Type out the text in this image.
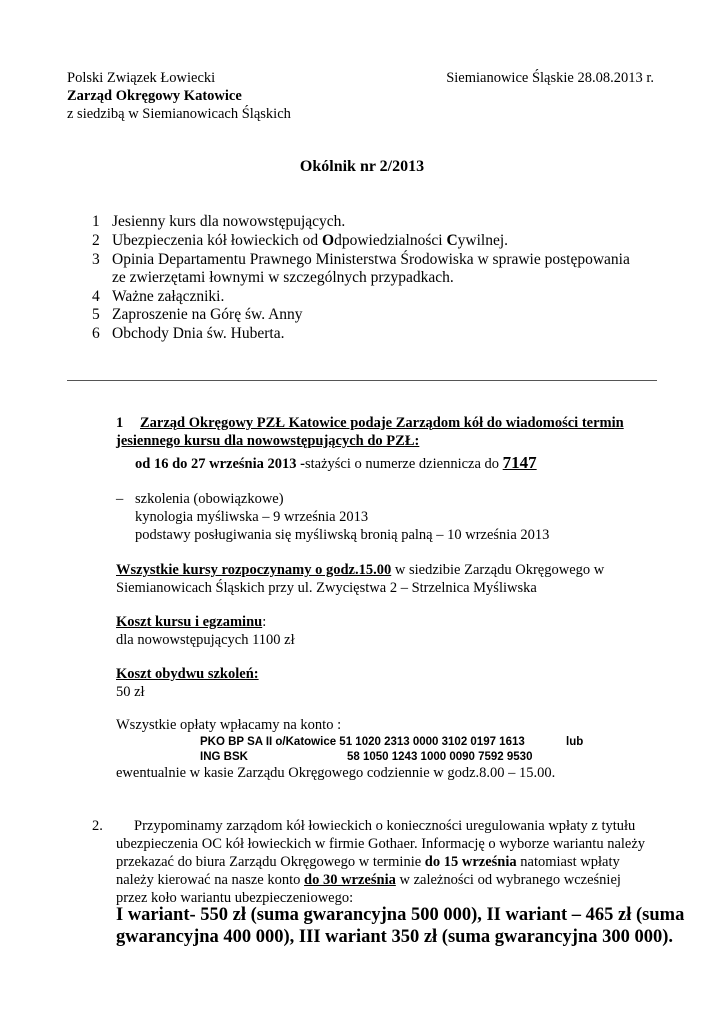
Polski Związek Łowiecki
Zarząd Okręgowy Katowice
z siedzibą w Siemianowicach Śląskich
Siemianowice Śląskie 28.08.2013 r.
Okólnik nr 2/2013
1 Jesienny kurs dla nowowstępujących.
2 Ubezpieczenia kół łowieckich od Odpowiedzialności Cywilnej.
3 Opinia Departamentu Prawnego Ministerstwa Środowiska w sprawie postępowania
ze zwierzętami łownymi w szczególnych przypadkach.
4 Ważne załączniki.
5 Zaproszenie na Górę św. Anny
6 Obchody Dnia św. Huberta.
1 Zarząd Okręgowy PZŁ Katowice podaje Zarządom kół do wiadomości termin
jesiennego kursu dla nowowstępujących do PZŁ:
od 16 do 27 września 2013 -stażyści o numerze dziennicza do 7147
– szkolenia (obowiązkowe)
kynologia myśliwska – 9 września 2013
podstawy posługiwania się myśliwską bronią palną – 10 września 2013
Wszystkie kursy rozpoczynamy o godz.15.00 w siedzibie Zarządu Okręgowego w
Siemianowicach Śląskich przy ul. Zwycięstwa 2 – Strzelnica Myśliwska
Koszt kursu i egzaminu:
dla nowowstępujących 1100 zł
Koszt obydwu szkoleń:
50 zł
Wszystkie opłaty wpłacamy na konto :
PKO BP SA II o/Katowice 51 1020 2313 0000 3102 0197 1613	lub
ING BSK	58 1050 1243 1000 0090 7592 9530
ewentualnie w kasie Zarządu Okręgowego codziennie w godz.8.00 – 15.00.
2. Przypominamy zarządom kół łowieckich o konieczności uregulowania wpłaty z tytułu
ubezpieczenia OC kół łowieckich w firmie Gothaer. Informację o wyborze wariantu należy
przekazać do biura Zarządu Okręgowego w terminie do 15 września natomiast wpłaty
należy kierować na nasze konto do 30 września w zależności od wybranego wcześniej
przez koło wariantu ubezpieczeniowego:
I wariant- 550 zł (suma gwarancyjna 500 000), II wariant – 465 zł (suma
gwarancyjna 400 000), III wariant 350 zł (suma gwarancyjna 300 000).
